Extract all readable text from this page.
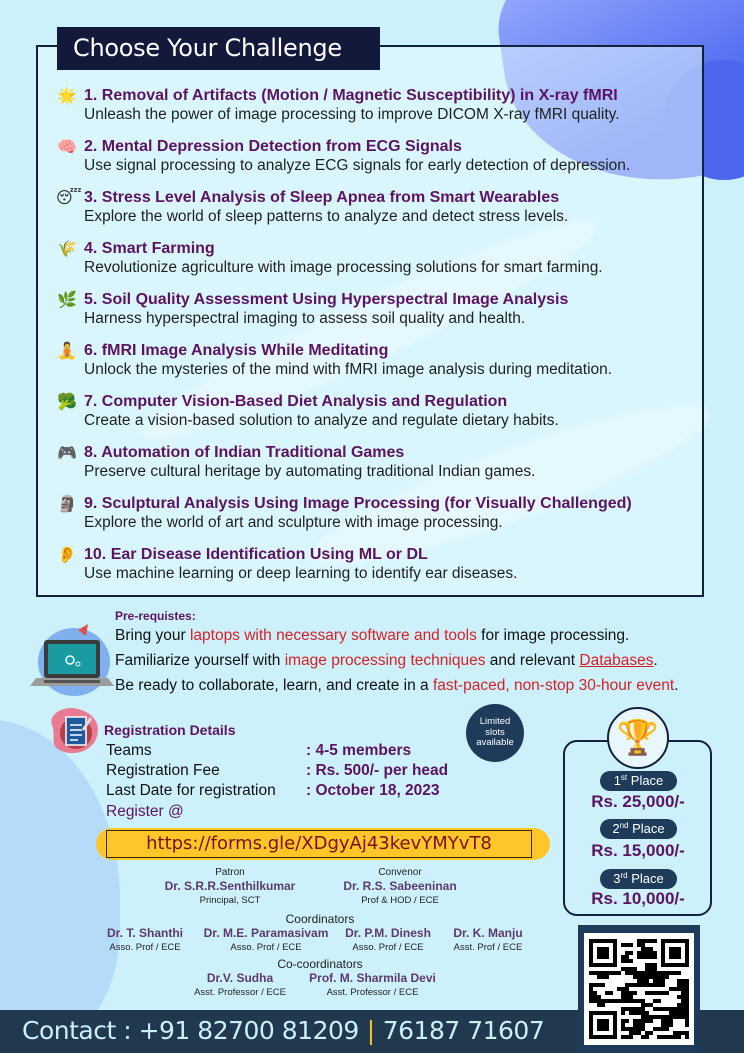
Choose Your Challenge
🌟 1. Removal of Artifacts (Motion / Magnetic Susceptibility) in X-ray fMRI
Unleash the power of image processing to improve DICOM X-ray fMRI quality.
🧠 2. Mental Depression Detection from ECG Signals
Use signal processing to analyze ECG signals for early detection of depression.
😴 3. Stress Level Analysis of Sleep Apnea from Smart Wearables
Explore the world of sleep patterns to analyze and detect stress levels.
🌾 4. Smart Farming
Revolutionize agriculture with image processing solutions for smart farming.
🌿 5. Soil Quality Assessment Using Hyperspectral Image Analysis
Harness hyperspectral imaging to assess soil quality and health.
🧘 6. fMRI Image Analysis While Meditating
Unlock the mysteries of the mind with fMRI image analysis during meditation.
🥦 7. Computer Vision-Based Diet Analysis and Regulation
Create a vision-based solution to analyze and regulate dietary habits.
🎮 8. Automation of Indian Traditional Games
Preserve cultural heritage by automating traditional Indian games.
🗿 9. Sculptural Analysis Using Image Processing (for Visually Challenged)
Explore the world of art and sculpture with image processing.
👂 10. Ear Disease Identification Using ML or DL
Use machine learning or deep learning to identify ear diseases.
Pre-requistes:
Bring your laptops with necessary software and tools for image processing.
Familiarize yourself with image processing techniques and relevant Databases.
Be ready to collaborate, learn, and create in a fast-paced, non-stop 30-hour event.
Registration Details
Teams	: 4-5 members
Registration Fee	: Rs. 500/- per head
Last Date for registration : October 18, 2023
Register @
Limited
slots
available
https://forms.gle/XDgyAj43kevYMYvT8
Patron
Dr. S.R.R.Senthilkumar
Principal, SCT
Convenor
Dr. R.S. Sabeeninan
Prof & HOD / ECE
Coordinators
Dr. T. Shanthi
Asso. Prof / ECE
Dr. M.E. Paramasivam
Asso. Prof / ECE
Dr. P.M. Dinesh
Asso. Prof / ECE
Dr. K. Manju
Asst. Prof / ECE
Co-coordinators
Dr.V. Sudha
Asst. Professor / ECE
Prof. M. Sharmila Devi
Asst. Professor / ECE
🏆
1st Place
Rs. 25,000/-
2nd Place
Rs. 15,000/-
3rd Place
Rs. 10,000/-
Contact : +91 82700 81209 | 76187 71607
